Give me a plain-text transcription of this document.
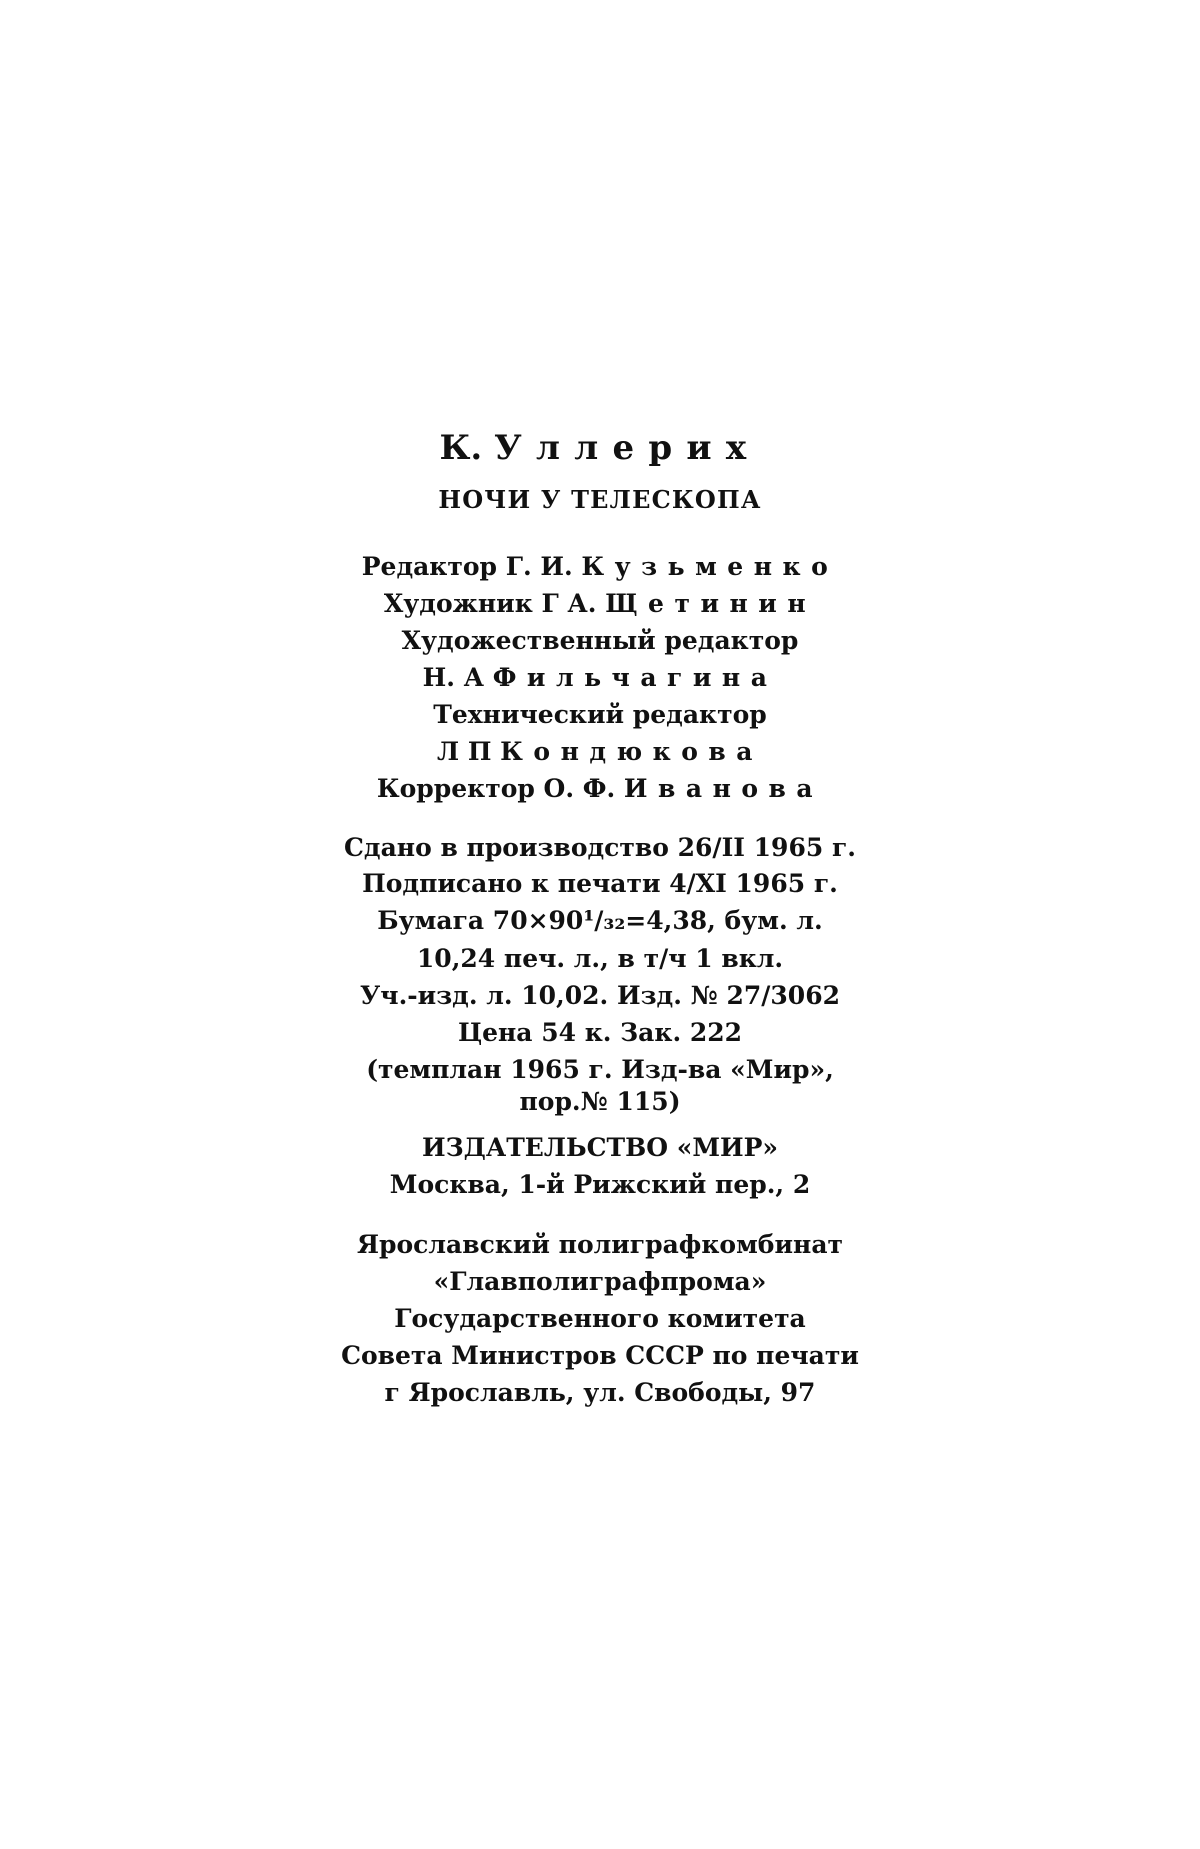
К. Уллерих
НОЧИ У ТЕЛЕСКОПА
Редактор Г. И. Кузьменко
Художник Г А. Щетинин
Художественный редактор
Н. А Фильчагина
Технический редактор
Л П Кондюкова
Корректор О. Ф. Иванова
Сдано в производство 26/II 1965 г.
Подписано к печати 4/XI 1965 г.
Бумага 70×90¹/₃₂=4,38, бум. л.
10,24 печ. л., в т/ч 1 вкл.
Уч.-изд. л. 10,02. Изд. № 27/3062
Цена 54 к. Зак. 222
(темплан 1965 г. Изд-ва «Мир»,
пор.№ 115)
ИЗДАТЕЛЬСТВО «МИР»
Москва, 1-й Рижский пер., 2
Ярославский полиграфкомбинат
«Главполиграфпрома»
Государственного комитета
Совета Министров СССР по печати
г Ярославль, ул. Свободы, 97
